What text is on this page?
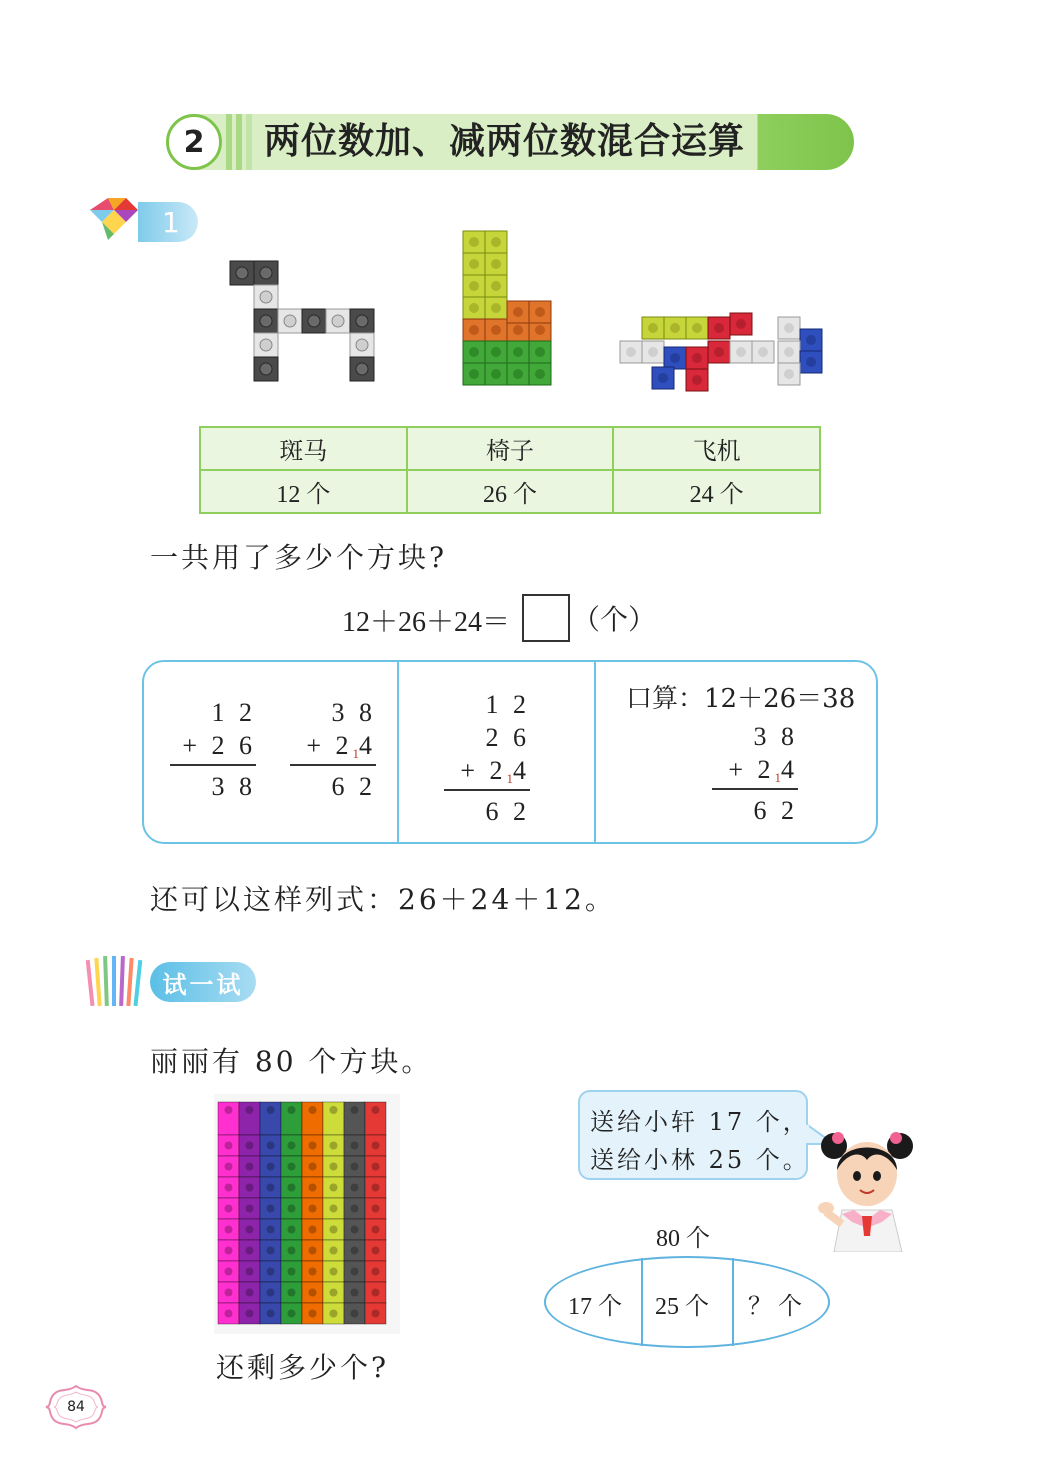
2	两位数加、减两位数混合运算
1
斑马	椅子	飞机
12 个	26 个	24 个
一共用了多少个方块?
12＋26＋24＝ （个）
1 2
+ 2 6
3 8
3 8
+ 214
6 2
1 2
2 6
+ 214
6 2
口算：12＋26＝38
3 8
+ 214
6 2
还可以这样列式：26＋24＋12。
试一试
丽丽有 80 个方块。
还剩多少个?
送给小轩 17 个，
送给小林 25 个。
80 个
17 个 25 个 ？ 个
84
